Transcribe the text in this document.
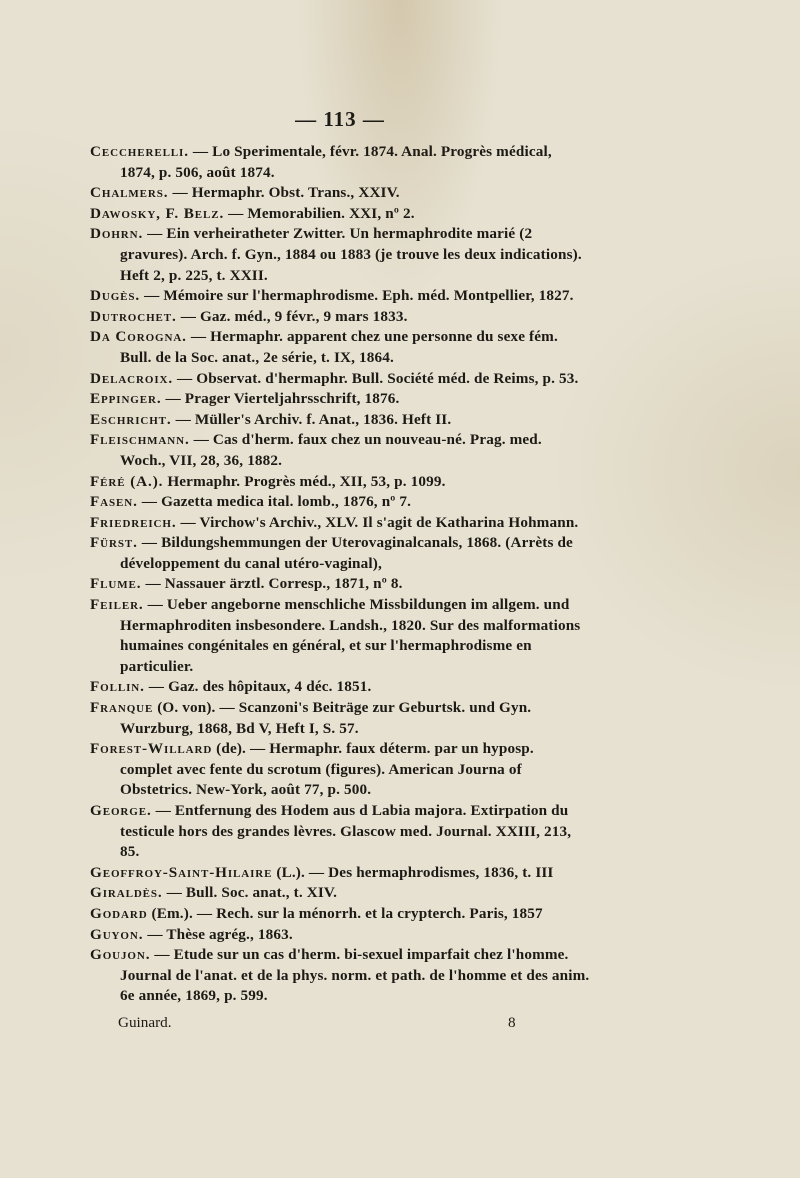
— 113 —

Ceccherelli. — Lo Sperimentale, févr. 1874. Anal. Progrès médical, 1874, p. 506, août 1874.

Chalmers. — Hermaphr. Obst. Trans., XXIV.

Dawosky, F. Belz. — Memorabilien. XXI, nº 2.

Dohrn. — Ein verheiratheter Zwitter. Un hermaphrodite marié (2 gravures). Arch. f. Gyn., 1884 ou 1883 (je trouve les deux indications). Heft 2, p. 225, t. XXII.

Dugès. — Mémoire sur l'hermaphrodisme. Eph. méd. Montpellier, 1827.

Dutrochet. — Gaz. méd., 9 févr., 9 mars 1833.

Da Corogna. — Hermaphr. apparent chez une personne du sexe fém. Bull. de la Soc. anat., 2e série, t. IX, 1864.

Delacroix. — Observat. d'hermaphr. Bull. Société méd. de Reims, p. 53.

Eppinger. — Prager Vierteljahrsschrift, 1876.

Eschricht. — Müller's Archiv. f. Anat., 1836. Heft II.

Fleischmann. — Cas d'herm. faux chez un nouveau-né. Prag. med. Woch., VII, 28, 36, 1882.

Féré (A.). Hermaphr. Progrès méd., XII, 53, p. 1099.

Fasen. — Gazetta medica ital. lomb., 1876, nº 7.

Friedreich. — Virchow's Archiv., XLV. Il s'agit de Katharina Hohmann.

Fürst. — Bildungshemmungen der Uterovaginalcanals, 1868. (Arrèts de développement du canal utéro-vaginal),

Flume. — Nassauer ärztl. Corresp., 1871, nº 8.

Feiler. — Ueber angeborne menschliche Missbildungen im allgem. und Hermaphroditen insbesondere. Landsh., 1820. Sur des malformations humaines congénitales en général, et sur l'hermaphrodisme en particulier.

Follin. — Gaz. des hôpitaux, 4 déc. 1851.

Franque (O. von). — Scanzoni's Beiträge zur Geburtsk. und Gyn. Wurzburg, 1868, Bd V, Heft I, S. 57.

Forest-Willard (de). — Hermaphr. faux déterm. par un hyposp. complet avec fente du scrotum (figures). American Journa of Obstetrics. New-York, août 77, p. 500.

George. — Entfernung des Hodem aus d Labia majora. Extirpation du testicule hors des grandes lèvres. Glascow med. Journal. XXIII, 213, 85.

Geoffroy-Saint-Hilaire (L.). — Des hermaphrodismes, 1836, t. III

Giraldès. — Bull. Soc. anat., t. XIV.

Godard (Em.). — Rech. sur la ménorrh. et la crypterch. Paris, 1857

Guyon. — Thèse agrég., 1863.

Goujon. — Etude sur un cas d'herm. bi-sexuel imparfait chez l'homme. Journal de l'anat. et de la phys. norm. et path. de l'homme et des anim. 6e année, 1869, p. 599.

Guinard.	8
